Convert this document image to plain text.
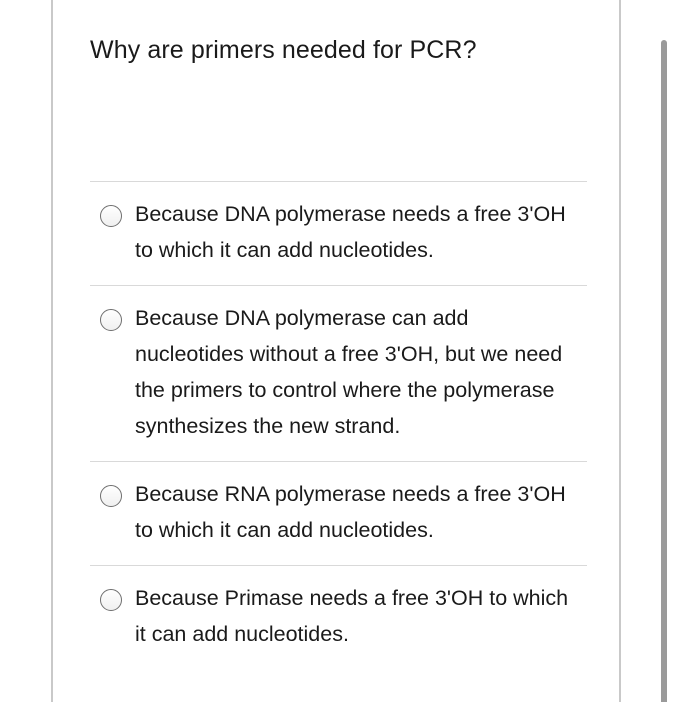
Why are primers needed for PCR?
Because DNA polymerase needs a free 3'OH to which it can add nucleotides.
Because DNA polymerase can add nucleotides without a free 3'OH, but we need the primers to control where the polymerase synthesizes the new strand.
Because RNA polymerase needs a free 3'OH to which it can add nucleotides.
Because Primase needs a free 3'OH to which it can add nucleotides.
